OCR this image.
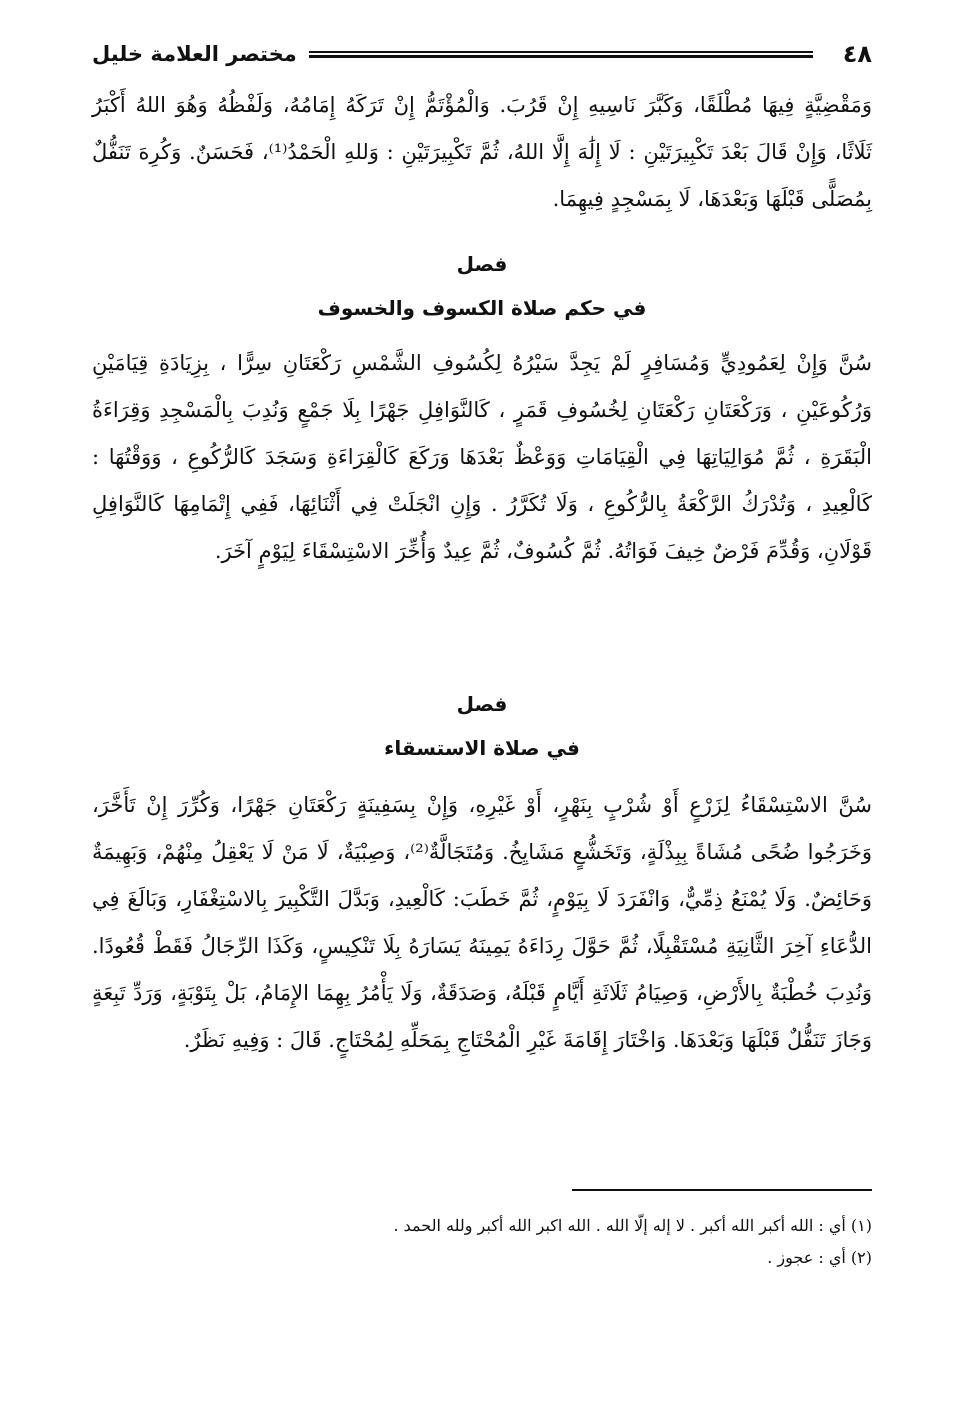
٤٨
مختصر العلامة خليل

وَمَقْضِيَّةٍ فِيهَا مُطْلَقًا، وَكَبَّرَ نَاسِيهِ إِنْ قَرُبَ. وَالْمُؤْتَمُّ إِنْ تَرَكَهُ إِمَامُهُ، وَلَفْظُهُ وَهُوَ اللهُ أَكْبَرُ ثَلَاثًا، وَإِنْ قَالَ بَعْدَ تَكْبِيرَتَيْنِ : لَا إِلَٰهَ إِلَّا اللهُ، ثُمَّ تَكْبِيرَتَيْنِ : وَللهِ الْحَمْدُ⁽¹⁾، فَحَسَنٌ. وَكُرِهَ تَنَفُّلٌ بِمُصَلًّى قَبْلَهَا وَبَعْدَهَا، لَا بِمَسْجِدٍ فِيهِمَا.

فصل

في حكم صلاة الكسوف والخسوف

سُنَّ وَإِنْ لِعَمُودِيٍّ وَمُسَافِرٍ لَمْ يَجِدَّ سَيْرُهُ لِكُسُوفِ الشَّمْسِ رَكْعَتَانِ سِرًّا ، بِزِيَادَةِ قِيَامَيْنِ وَرُكُوعَيْنِ ، وَرَكْعَتَانِ رَكْعَتَانِ لِخُسُوفِ قَمَرٍ ، كَالنَّوَافِلِ جَهْرًا بِلَا جَمْعٍ وَنُدِبَ بِالْمَسْجِدِ وَقِرَاءَةُ الْبَقَرَةِ ، ثُمَّ مُوَالِيَاتِهَا فِي الْقِيَامَاتِ وَوَعْظٌ بَعْدَهَا وَرَكَعَ كَالْقِرَاءَةِ وَسَجَدَ كَالرُّكُوعِ ، وَوَقْتُهَا : كَالْعِيدِ ، وَتُدْرَكُ الرَّكْعَةُ بِالرُّكُوعِ ، وَلَا تُكَرَّرُ . وَإِنِ انْجَلَتْ فِي أَثْنَائِهَا، فَفِي إِتْمَامِهَا كَالنَّوَافِلِ قَوْلَانِ، وَقُدِّمَ فَرْضٌ خِيفَ فَوَاتُهُ. ثُمَّ كُسُوفٌ، ثُمَّ عِيدٌ وَأُخِّرَ الاسْتِسْقَاءَ لِيَوْمٍ آخَرَ.

فصل

في صلاة الاستسقاء

سُنَّ الاسْتِسْقَاءُ لِزَرْعٍ أَوْ شُرْبٍ بِنَهْرٍ، أَوْ غَيْرِهِ، وَإِنْ بِسَفِينَةٍ رَكْعَتَانِ جَهْرًا، وَكُرِّرَ إِنْ تَأَخَّرَ، وَخَرَجُوا ضُحًى مُشَاةً بِبِذْلَةٍ، وَتَخَشُّعٍ مَشَايِخُ. وَمُتَجَالَّةٌ⁽²⁾، وَصِبْيَةٌ، لَا مَنْ لَا يَعْقِلُ مِنْهُمْ، وَبَهِيمَةٌ وَحَائِضٌ. وَلَا يُمْنَعُ ذِمِّيٌّ، وَانْفَرَدَ لَا بِيَوْمٍ، ثُمَّ خَطَبَ: كَالْعِيدِ، وَبَدَّلَ التَّكْبِيرَ بِالاسْتِغْفَارِ، وَبَالَغَ فِي الدُّعَاءِ آخِرَ الثَّانِيَةِ مُسْتَقْبِلًا، ثُمَّ حَوَّلَ رِدَاءَهُ يَمِينَهُ يَسَارَهُ بِلَا تَنْكِيسٍ، وَكَذَا الرِّجَالُ فَقَطْ قُعُودًا. وَنُدِبَ خُطْبَةٌ بِالأَرْضِ، وَصِيَامُ ثَلَاثَةِ أَيَّامٍ قَبْلَهُ، وَصَدَقَةٌ، وَلَا يَأْمُرُ بِهِمَا الإِمَامُ، بَلْ بِتَوْبَةٍ، وَرَدِّ تَبِعَةٍ وَجَازَ تَنَفُّلٌ قَبْلَهَا وَبَعْدَهَا. وَاخْتَارَ إِقَامَةَ غَيْرِ الْمُحْتَاجِ بِمَحَلِّهِ لِمُحْتَاجٍ. قَالَ : وَفِيهِ نَظَرٌ.

(١) أي : الله أكبر الله أكبر . لا إله إلّا الله . الله اكبر الله أكبر ولله الحمد .

(٢) أي : عجوز .
